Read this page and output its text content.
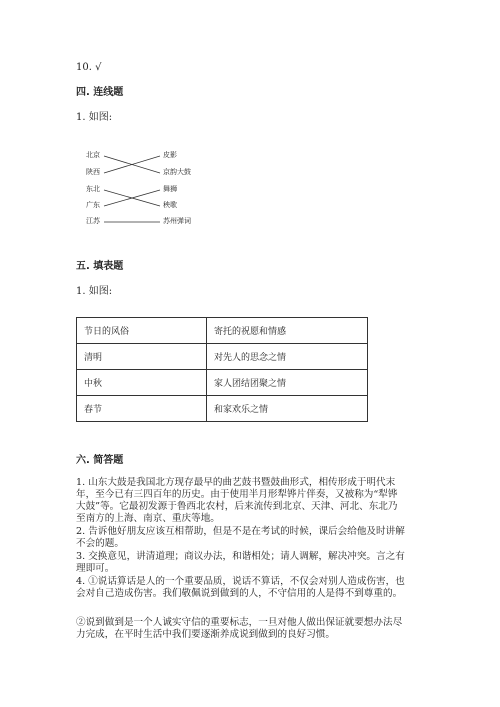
10. √
四. 连线题
1. 如图:
北京
陕西
东北
广东
江苏
皮影
京韵大鼓
舞狮
秧歌
苏州弹词
五. 填表题
1. 如图:
节日的风俗	寄托的祝愿和情感
清明	对先人的思念之情
中秋	家人团结团聚之情
春节	和家欢乐之情
六. 简答题
1. 山东大鼓是我国北方现存最早的曲艺鼓书暨鼓曲形式，相传形成于明代末
年，至今已有三四百年的历史。由于使用半月形犁铧片伴奏，又被称为“犁铧
大鼓”等。它最初发源于鲁西北农村，后来流传到北京、天津、河北、东北乃
至南方的上海、南京、重庆等地。
2. 告诉他好朋友应该互相帮助，但是不是在考试的时候，课后会给他及时讲解
不会的题。
3. 交换意见，讲清道理；商议办法，和谐相处；请人调解，解决冲突。言之有
理即可。
4. ①说话算话是人的一个重要品质，说话不算话，不仅会对别人造成伤害，也
会对自己造成伤害。我们敬佩说到做到的人，不守信用的人是得不到尊重的。
②说到做到是一个人诚实守信的重要标志，一旦对他人做出保证就要想办法尽
力完成，在平时生活中我们要逐渐养成说到做到的良好习惯。
